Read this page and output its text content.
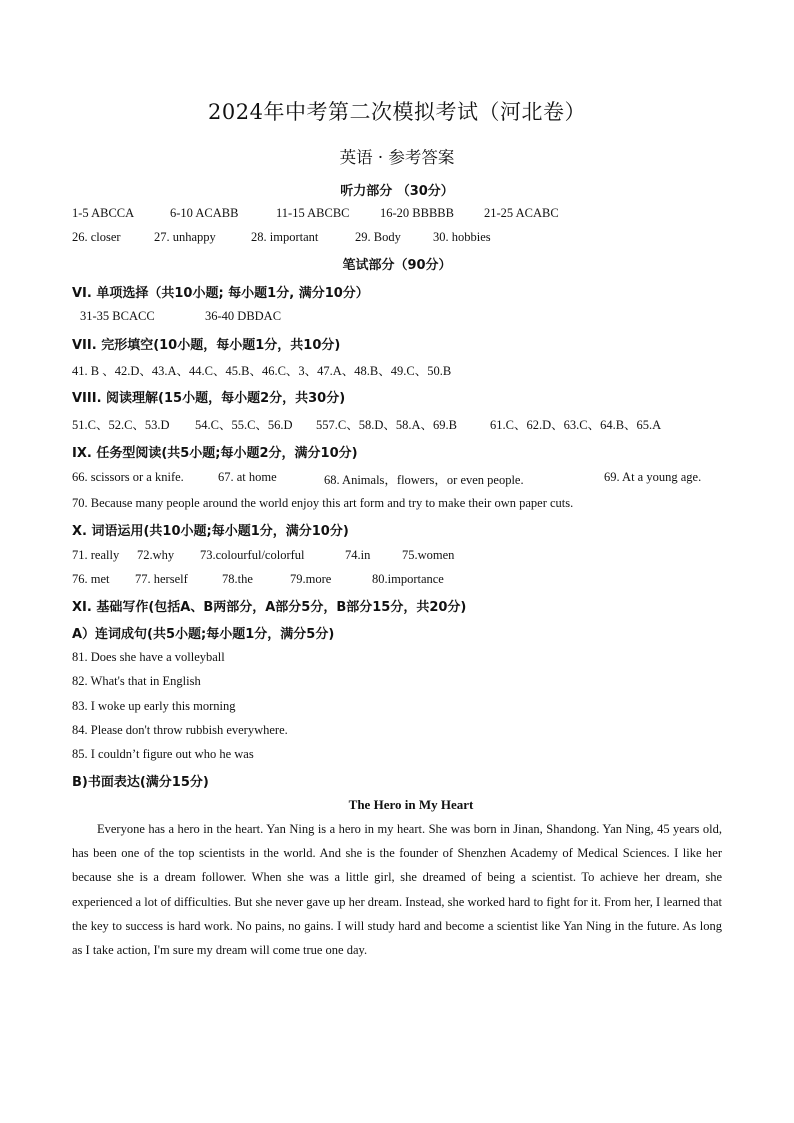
2024年中考第二次模拟考试（河北卷）
英语 · 参考答案
听力部分 （30分）
1-5 ABCCA	6-10 ACABB	11-15 ABCBC 16-20 BBBBB 21-25 ACABC
26. closer	27. unhappy	28. important	29. Body	30. hobbies
笔试部分（90分）
VI. 单项选择（共10小题; 每小题1分, 满分10分）
31-35 BCACC	36-40 DBDAC
VII. 完形填空(10小题，每小题1分，共10分)
41. B 、42.D、43.A、44.C、45.B、46.C、3、47.A、48.B、49.C、50.B
VIII. 阅读理解(15小题，每小题2分，共30分)
51.C、52.C、53.D 54.C、55.C、56.D 557.C、58.D、58.A、69.B	61.C、62.D、63.C、64.B、65.A
IX. 任务型阅读(共5小题;每小题2分，满分10分)
66. scissors or a knife.	67. at home	68. Animals，flowers，or even people.	69. At a young age.
70. Because many people around the world enjoy this art form and try to make their own paper cuts.
X. 词语运用(共10小题;每小题1分，满分10分)
71. really 72.why 73.colourful/colorful	74.in	75.women
76. met 77. herself	78.the	79.more	80.importance
XI. 基础写作(包括A、B两部分，A部分5分，B部分15分，共20分)
A）连词成句(共5小题;每小题1分，满分5分)
81. Does she have a volleyball
82. What's that in English
83. I woke up early this morning
84. Please don't throw rubbish everywhere.
85. I couldn’t figure out who he was
B)书面表达(满分15分)
The Hero in My Heart

Everyone has a hero in the heart. Yan Ning is a hero in my heart. She was born in Jinan, Shandong. Yan Ning, 45 years old, has been one of the top scientists in the world. And she is the founder of Shenzhen Academy of Medical Sciences. I like her because she is a dream follower. When she was a little girl, she dreamed of being a scientist. To achieve her dream, she experienced a lot of difficulties. But she never gave up her dream. Instead, she worked hard to fight for it. From her, I learned that the key to success is hard work. No pains, no gains. I will study hard and become a scientist like Yan Ning in the future. As long as I take action, I'm sure my dream will come true one day.
